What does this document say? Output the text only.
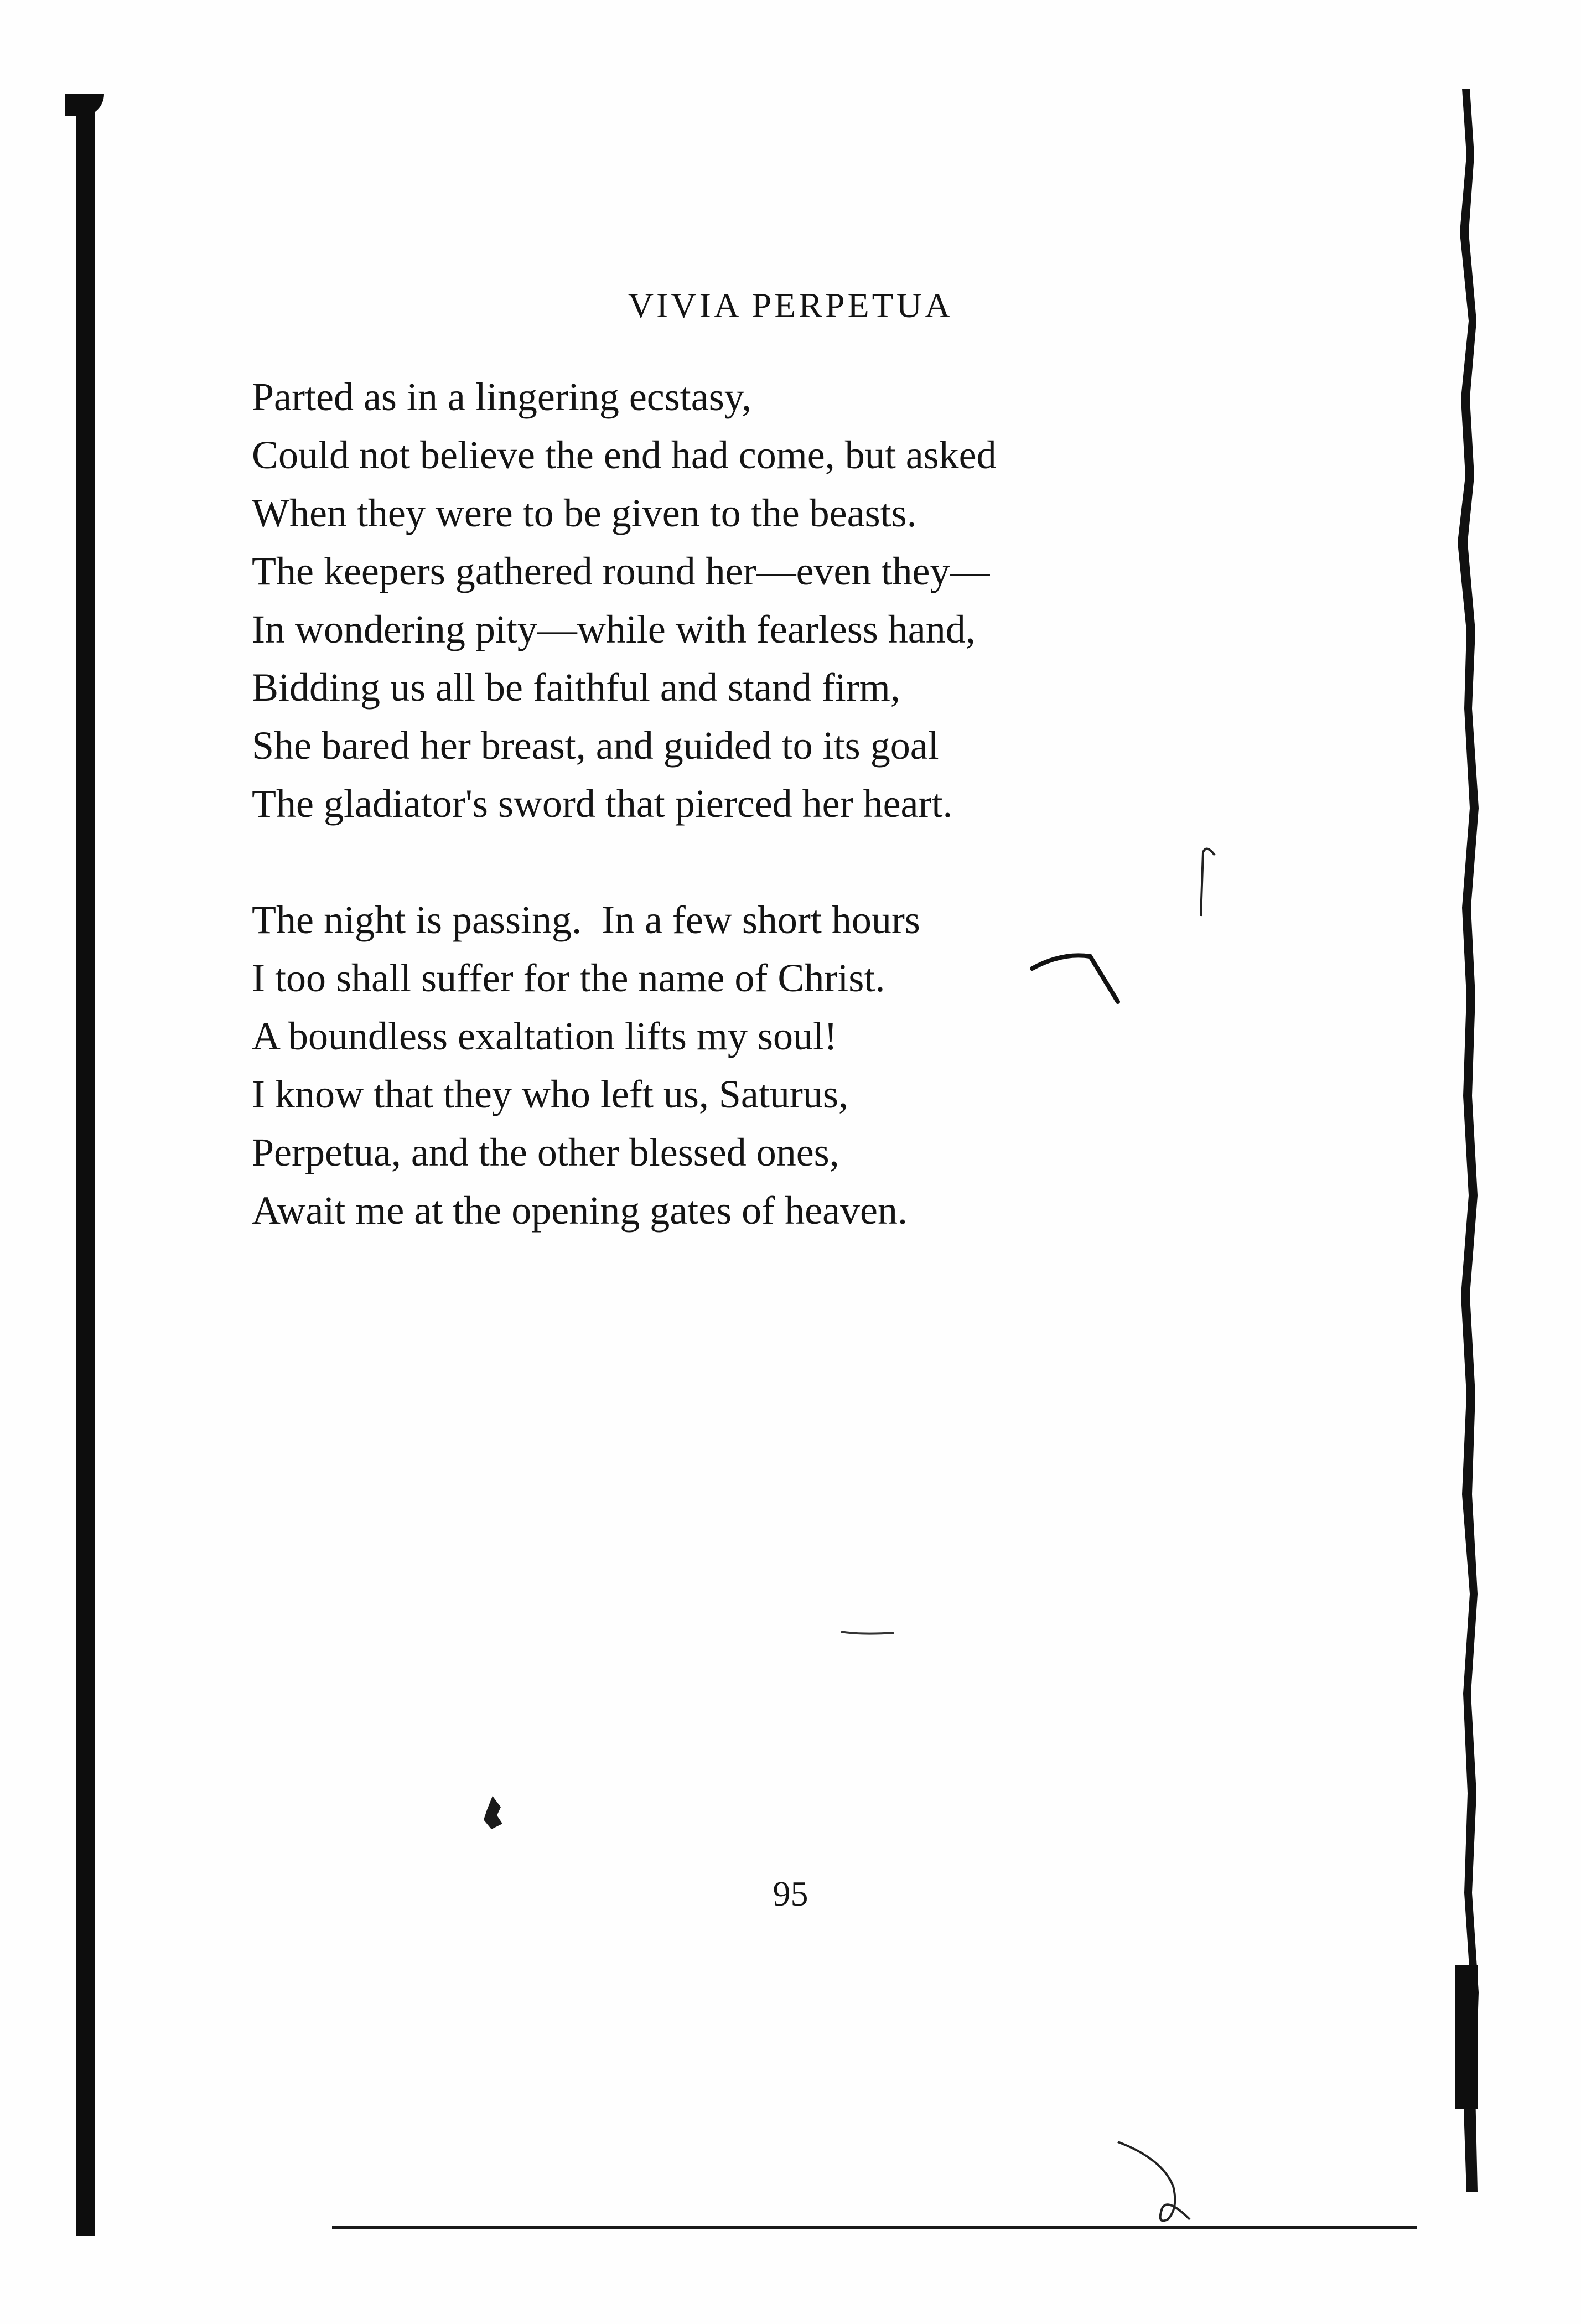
VIVIA PERPETUA
Parted as in a lingering ecstasy,
Could not believe the end had come, but asked
When they were to be given to the beasts.
The keepers gathered round her—even they—
In wondering pity—while with fearless hand,
Bidding us all be faithful and stand firm,
She bared her breast, and guided to its goal
The gladiator's sword that pierced her heart.
The night is passing.  In a few short hours
I too shall suffer for the name of Christ.
A boundless exaltation lifts my soul!
I know that they who left us, Saturus,
Perpetua, and the other blessed ones,
Await me at the opening gates of heaven.
95
